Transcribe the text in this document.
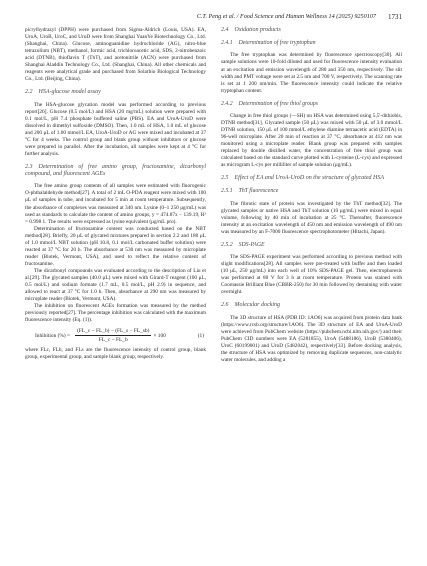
C.T. Peng et al. / Food Science and Human Wellness 14 (2025) 9250107 1731

picrylhydrazyl (DPPH) were purchased from Sigma-Aldrich (Louis, USA). EA, UroA, UroB, UroC, and UroD were from Shanghai YuanYe Biotechnology Co., Ltd. (Shanghai, China). Glucose, aminoguanidine hydrochloride (AG), nitro-blue tetrazolium (NBT), methanol, formic acid, trichloroacetic acid, SDS, 2-nitrobenzoic acid (DTNB), thioflavin T (ThT), and acetonitrile (ACN) were purchased from Shanghai Aladdin Technology Co., Ltd. (Shanghai, China). All other chemicals and reagents were analytical grade and purchased from Solarbio Biological Technology Co., Ltd. (Beijing, China).

2.2 HSA-glucose model assay

The HSA-glucose glycation model was performed according to previous report[26]. Glucose (0.5 mol/L) and HSA (20 mg/mL) solution were prepared with 0.1 mol/L, pH 7.4 phosphate buffered saline (PBS). EA and UroA-UroD were dissolved in dimethyl sulfoxide (DMSO). Then, 1.0 mL of HSA, 1.0 mL of glucose and 200 μL of 1.00 mmol/L EA, UroA-UroD or AG were mixed and incubated at 37 °C for 4 weeks. The control group and blank group without inhibitors or glucose were prepared in parallel. After the incubation, all samples were kept at 4 °C for further analysis.

2.3 Determination of free amino group, fructosamine, dicarbonyl compound, and fluorescent AGEs

The free amino group contents of all samples were estimated with fluorogenic O-phthalaldehyde method[27]. A total of 2 mL O-PDA reagent were mixed with 100 μL of samples in tube, and incubated for 5 min at room temperature. Subsequently, the absorbance of complexes was measured at 340 nm. Lysine (0–1 250 μg/mL) was used as standards to calculate the content of amino groups, y = 474.87x − 139.19, R² = 0.998 1. The results were expressed as lysine equivalent (μg/mL pro).

Determination of fructosamine content was conducted based on the NBT method[28]. Briefly, 20 μL of glycated mixtures prepared in section 2.2 and 180 μL of 1.0 mmol/L NBT solution (pH 10.8, 0.1 mol/L carbonated buffer solution) were reacted at 37 °C for 20 h. The absorbance at 530 nm was measured by microplate reader (Biotek, Vermont, USA), and used to reflect the relative content of fructosamine.

The dicarbonyl compounds was evaluated according to the description of Liu et al.[29]. The glycated samples (40.0 μL) were mixed with Girard-T reagent (100 μL, 0.5 mol/L) and sodium formate (1.7 mL, 0.5 mol/L, pH 2.9) in sequence, and allowed to react at 37 °C for 1.0 h. Then, absorbance at 290 nm was measured by microplate reader (Biotek, Vermont, USA).

The inhibition on fluorescent AGEs formation was measured by the method previously reported[27]. The percentage inhibition was calculated with the maximum fluorescence intensity (Eq. (1)).

Inhibition (%) = $\frac{(FL\_c - FL\_b) - (FL\_s - FL\_sb)}{FL\_c - FL\_b} \times 100$	(1)

where FLc, FLb, and FLs are the fluorescence intensity of control group, blank group, experimental group, and sample blank group, respectively.

2.4 Oxidation products
2.4.1 Determination of free tryptophan

The free tryptophan was determined by fluorescence spectroscopy[30]. All sample solutions were 10-fold diluted and used for fluorescence intensity evaluation at an excitation and emission wavelength of 280 and 350 nm, respectively. The slit width and PMT voltage were set at 2.5 nm and 700 V, respectively. The scanning rate is set at 1 200 nm/min. The fluorescence intensity could indicate the relative tryptophan content.

2.4.2 Determination of free thiol groups

Change in free thiol groups (—SH) on HSA was determined using 5,5'-dithiobis, DTNB method[31]. Glycated sample (50 μL) was mixed with 50 μL of 3.0 mmol/L DTNB solution, 150 μL of 100 mmol/L ethylene diamine tetraacetic acid (EDTA) in 96-well microplate. After 20 min of reaction at 37 °C, absorbance at 412 nm was monitored using a microplate reader. Blank group was prepared with samples replaced by double distilled water, the concentration of free thiol group was calculated based on the standard curve plotted with L-cysteine (L-cys) and expressed as microgram L-cys per milliliter of sample solution (μg/mL).

2.5 Effect of EA and UroA-UroD on the structure of glycated HSA
2.5.1 ThT fluorescence

The fibrotic state of protein was investigated by the ThT method[32]. The glycated samples or native HSA and ThT solution (10 μg/mL) were mixed in equal volume, following by 40 min of incubation at 25 °C. Thereafter, fluorescence intensity at an excitation wavelength of 450 nm and emission wavelength of 490 nm was measured by an F-7000 fluorescence spectrophotometer (Hitachi, Japan).

2.5.2 SDS-PAGE

The SDS-PAGE experiment was performed according to previous method with slight modifications[28]. All samples were pre-treated with buffer and then loaded (10 μL, 250 μg/mL) into each well of 10% SDS-PAGE gel. Then, electrophoresis was performed at 80 V for 3 h at room temperature. Protein was stained with Coomassie Brilliant Blue (CBBR-250) for 30 min followed by destaining with water overnight.

2.6 Molecular docking

The 3D structure of HSA (PDB ID: 1AO6) was acquired from protein data bank (https://www.rcsb.org/structure/1AO6). The 3D structure of EA and UroA-UroD were achieved from PubChem website (https://pubchem.ncbi.nlm.nih.gov/) and their PubChem CID numbers were EA (5281855), UroA (5488186), UroB (5380406), UroC (60199001) and UroD (5482042), respectively[33]. Before docking analysis, the structure of HSA was optimized by removing duplicate sequences, non-catalytic water molecules, and adding a
